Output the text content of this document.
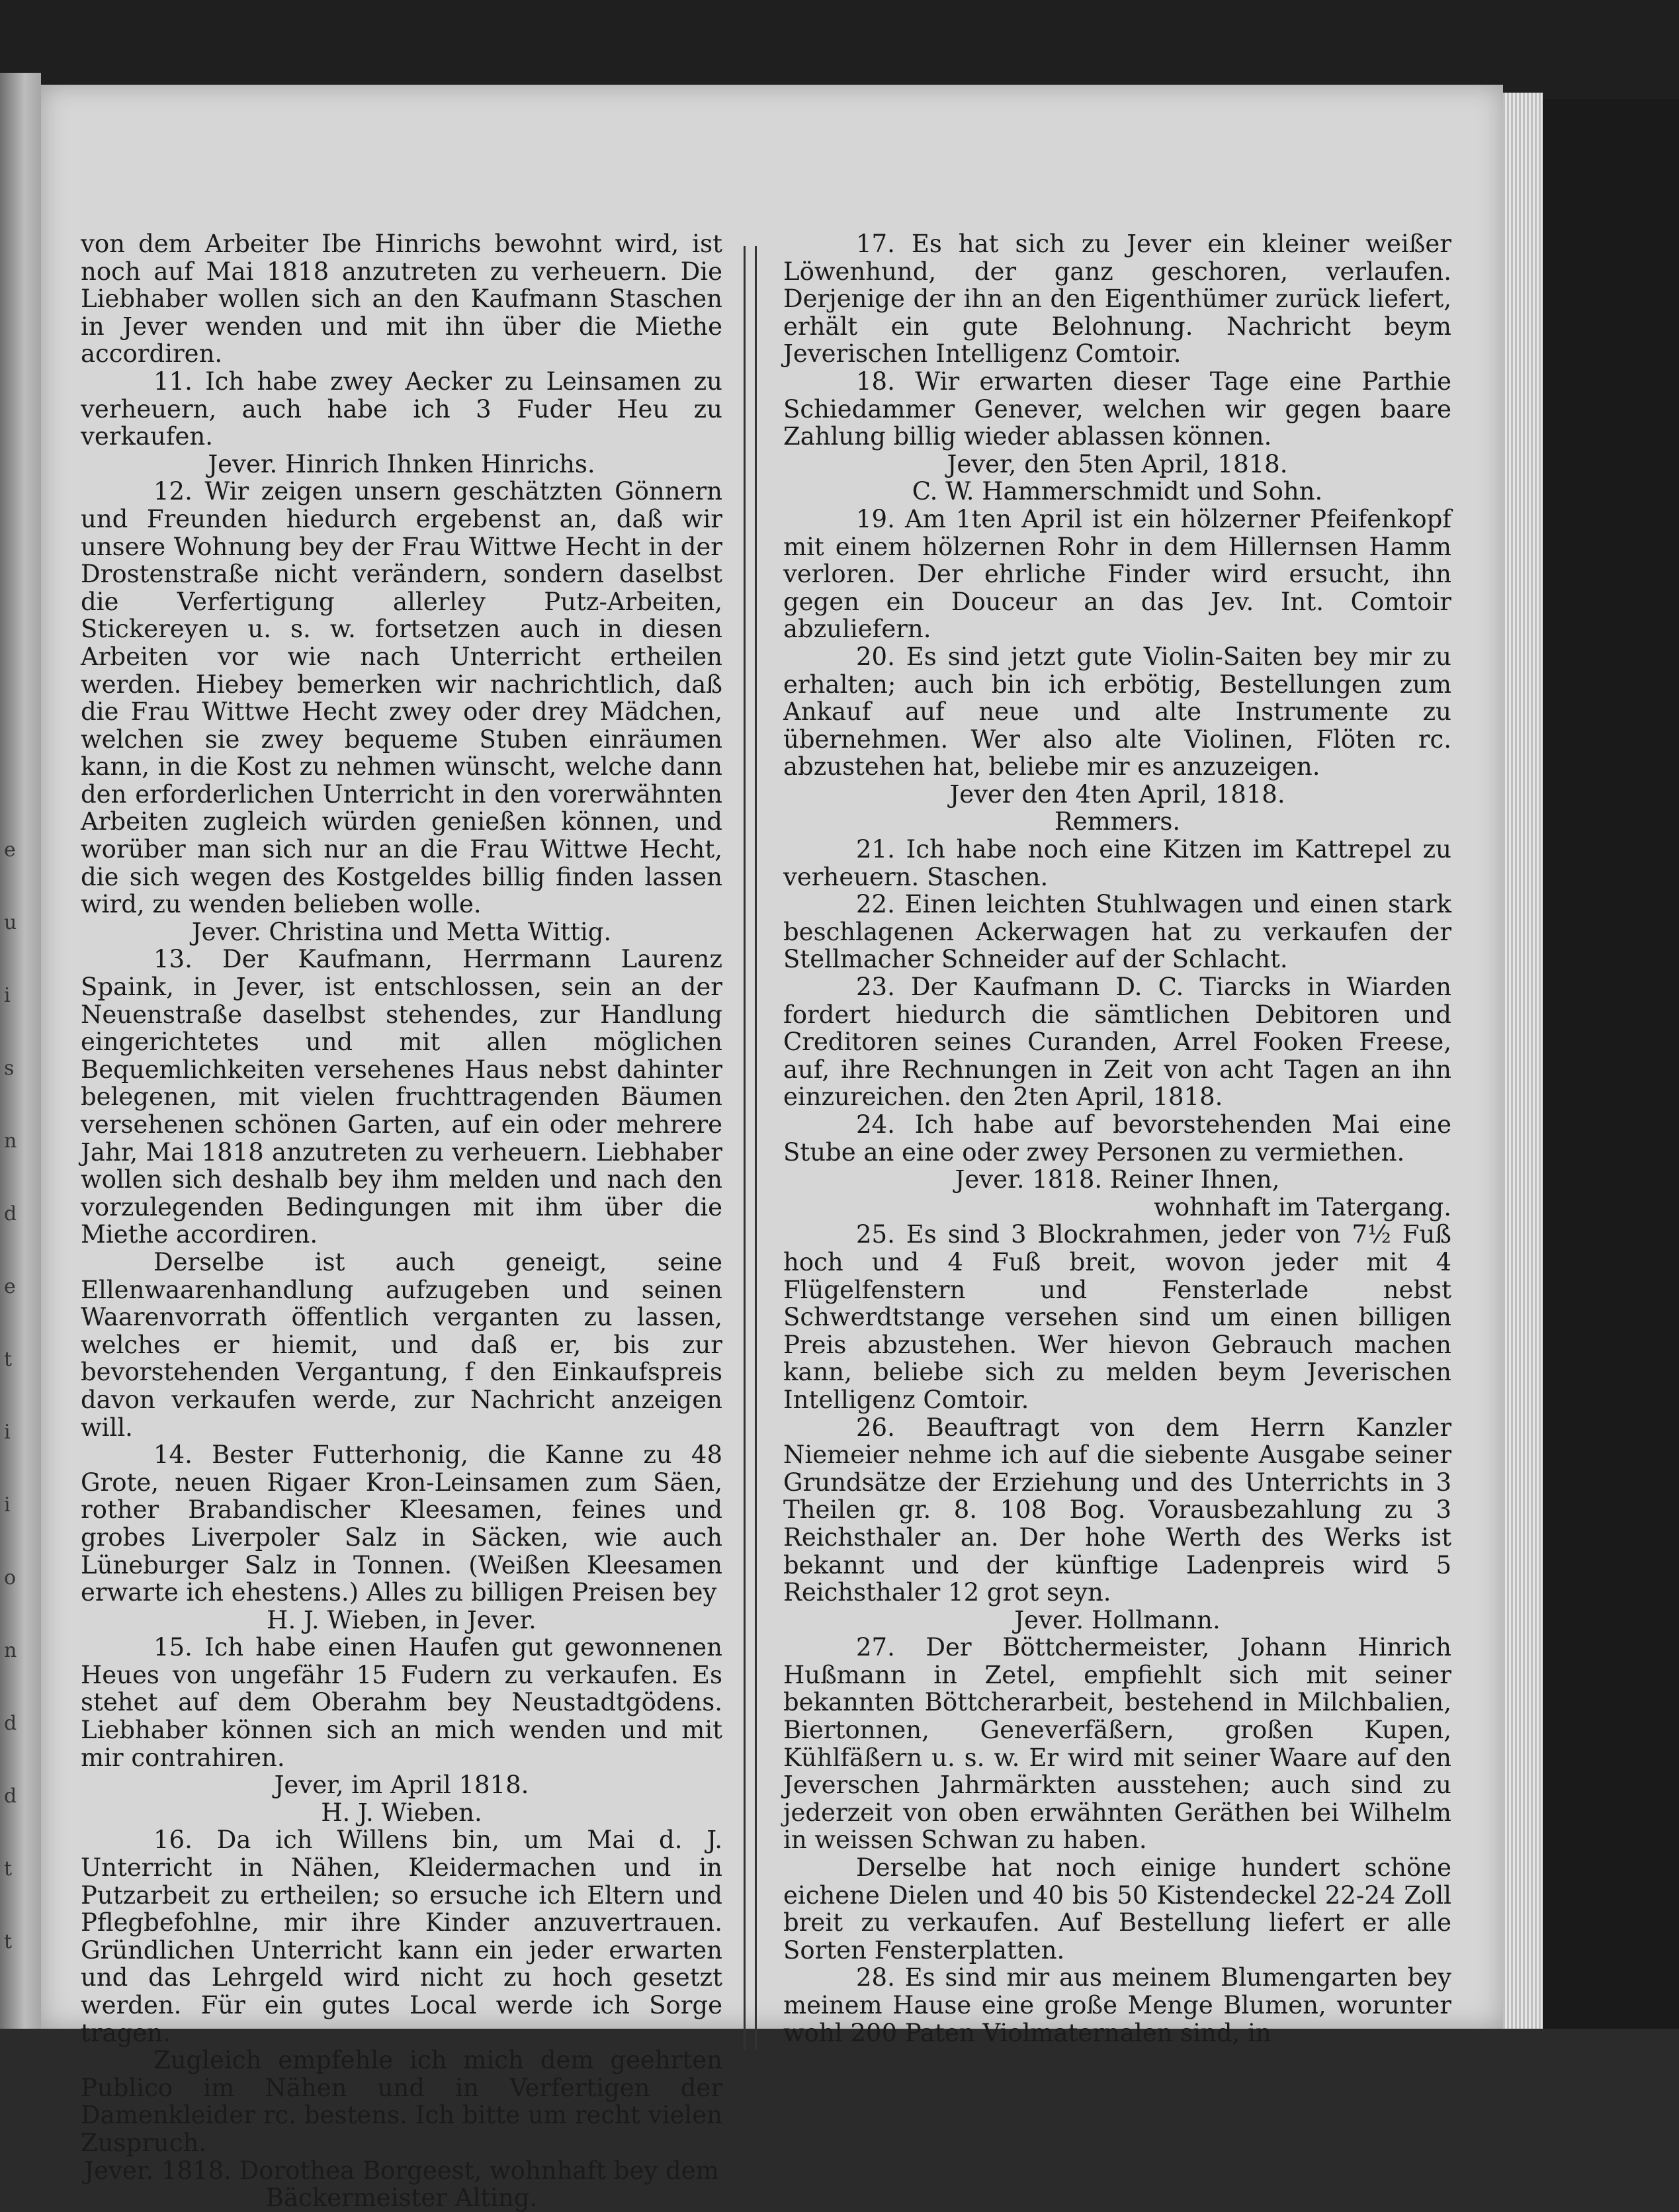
e
u
i
s
n
d
e
t
i
i
o
n
d
d
t
t

von dem Arbeiter Ibe Hinrichs bewohnt wird, ist noch auf Mai 1818 anzutreten zu verheuern. Die Liebhaber wollen sich an den Kaufmann Staschen in Jever wenden und mit ihn über die Miethe accordiren.

11. Ich habe zwey Aecker zu Leinsamen zu verheuern, auch habe ich 3 Fuder Heu zu verkaufen.

Jever. Hinrich Ihnken Hinrichs.

12. Wir zeigen unsern geschätzten Gönnern und Freunden hiedurch ergebenst an, daß wir unsere Wohnung bey der Frau Wittwe Hecht in der Drostenstraße nicht verändern, sondern daselbst die Verfertigung allerley Putz-Arbeiten, Stickereyen u. s. w. fortsetzen auch in diesen Arbeiten vor wie nach Unterricht ertheilen werden. Hiebey bemerken wir nachrichtlich, daß die Frau Wittwe Hecht zwey oder drey Mädchen, welchen sie zwey bequeme Stuben einräumen kann, in die Kost zu nehmen wünscht, welche dann den erforderlichen Unterricht in den vorerwähnten Arbeiten zugleich würden genießen können, und worüber man sich nur an die Frau Wittwe Hecht, die sich wegen des Kostgeldes billig finden lassen wird, zu wenden belieben wolle.

Jever. Christina und Metta Wittig.

13. Der Kaufmann, Herrmann Laurenz Spaink, in Jever, ist entschlossen, sein an der Neuenstraße daselbst stehendes, zur Handlung eingerichtetes und mit allen möglichen Bequemlichkeiten versehenes Haus nebst dahinter belegenen, mit vielen fruchttragenden Bäumen versehenen schönen Garten, auf ein oder mehrere Jahr, Mai 1818 anzutreten zu verheuern. Liebhaber wollen sich deshalb bey ihm melden und nach den vorzulegenden Bedingungen mit ihm über die Miethe accordiren.

Derselbe ist auch geneigt, seine Ellenwaarenhandlung aufzugeben und seinen Waarenvorrath öffentlich verganten zu lassen, welches er hiemit, und daß er, bis zur bevorstehenden Vergantung, f den Einkaufspreis davon verkaufen werde, zur Nachricht anzeigen will.

14. Bester Futterhonig, die Kanne zu 48 Grote, neuen Rigaer Kron-Leinsamen zum Säen, rother Brabandischer Kleesamen, feines und grobes Liverpoler Salz in Säcken, wie auch Lüneburger Salz in Tonnen. (Weißen Kleesamen erwarte ich ehestens.) Alles zu billigen Preisen bey

H. J. Wieben, in Jever.

15. Ich habe einen Haufen gut gewonnenen Heues von ungefähr 15 Fudern zu verkaufen. Es stehet auf dem Oberahm bey Neustadtgödens. Liebhaber können sich an mich wenden und mit mir contrahiren.

Jever, im April 1818.

H. J. Wieben.

16. Da ich Willens bin, um Mai d. J. Unterricht in Nähen, Kleidermachen und in Putzarbeit zu ertheilen; so ersuche ich Eltern und Pflegbefohlne, mir ihre Kinder anzuvertrauen. Gründlichen Unterricht kann ein jeder erwarten und das Lehrgeld wird nicht zu hoch gesetzt werden. Für ein gutes Local werde ich Sorge tragen.

Zugleich empfehle ich mich dem geehrten Publico im Nähen und in Verfertigen der Damenkleider rc. bestens. Ich bitte um recht vielen Zuspruch.

Jever. 1818. Dorothea Borgeest, wohnhaft bey dem Bäckermeister Alting.

17. Es hat sich zu Jever ein kleiner weißer Löwenhund, der ganz geschoren, verlaufen. Derjenige der ihn an den Eigenthümer zurück liefert, erhält ein gute Belohnung. Nachricht beym Jeverischen Intelligenz Comtoir.

18. Wir erwarten dieser Tage eine Parthie Schiedammer Genever, welchen wir gegen baare Zahlung billig wieder ablassen können.

Jever, den 5ten April, 1818.

C. W. Hammerschmidt und Sohn.

19. Am 1ten April ist ein hölzerner Pfeifenkopf mit einem hölzernen Rohr in dem Hillernsen Hamm verloren. Der ehrliche Finder wird ersucht, ihn gegen ein Douceur an das Jev. Int. Comtoir abzuliefern.

20. Es sind jetzt gute Violin-Saiten bey mir zu erhalten; auch bin ich erbötig, Bestellungen zum Ankauf auf neue und alte Instrumente zu übernehmen. Wer also alte Violinen, Flöten rc. abzustehen hat, beliebe mir es anzuzeigen.

Jever den 4ten April, 1818.

Remmers.

21. Ich habe noch eine Kitzen im Kattrepel zu verheuern. Staschen.

22. Einen leichten Stuhlwagen und einen stark beschlagenen Ackerwagen hat zu verkaufen der Stellmacher Schneider auf der Schlacht.

23. Der Kaufmann D. C. Tiarcks in Wiarden fordert hiedurch die sämtlichen Debitoren und Creditoren seines Curanden, Arrel Fooken Freese, auf, ihre Rechnungen in Zeit von acht Tagen an ihn einzureichen. den 2ten April, 1818.

24. Ich habe auf bevorstehenden Mai eine Stube an eine oder zwey Personen zu vermiethen.

Jever. 1818. Reiner Ihnen,

wohnhaft im Tatergang.

25. Es sind 3 Blockrahmen, jeder von 7½ Fuß hoch und 4 Fuß breit, wovon jeder mit 4 Flügelfenstern und Fensterlade nebst Schwerdtstange versehen sind um einen billigen Preis abzustehen. Wer hievon Gebrauch machen kann, beliebe sich zu melden beym Jeverischen Intelligenz Comtoir.

26. Beauftragt von dem Herrn Kanzler Niemeier nehme ich auf die siebente Ausgabe seiner Grundsätze der Erziehung und des Unterrichts in 3 Theilen gr. 8. 108 Bog. Vorausbezahlung zu 3 Reichsthaler an. Der hohe Werth des Werks ist bekannt und der künftige Ladenpreis wird 5 Reichsthaler 12 grot seyn.

Jever. Hollmann.

27. Der Böttchermeister, Johann Hinrich Hußmann in Zetel, empfiehlt sich mit seiner bekannten Böttcherarbeit, bestehend in Milchbalien, Biertonnen, Geneverfäßern, großen Kupen, Kühlfäßern u. s. w. Er wird mit seiner Waare auf den Jeverschen Jahrmärkten ausstehen; auch sind zu jederzeit von oben erwähnten Geräthen bei Wilhelm in weissen Schwan zu haben.

Derselbe hat noch einige hundert schöne eichene Dielen und 40 bis 50 Kistendeckel 22-24 Zoll breit zu verkaufen. Auf Bestellung liefert er alle Sorten Fensterplatten.

28. Es sind mir aus meinem Blumengarten bey meinem Hause eine große Menge Blumen, worunter wohl 200 Paten Violmaternalen sind, in
